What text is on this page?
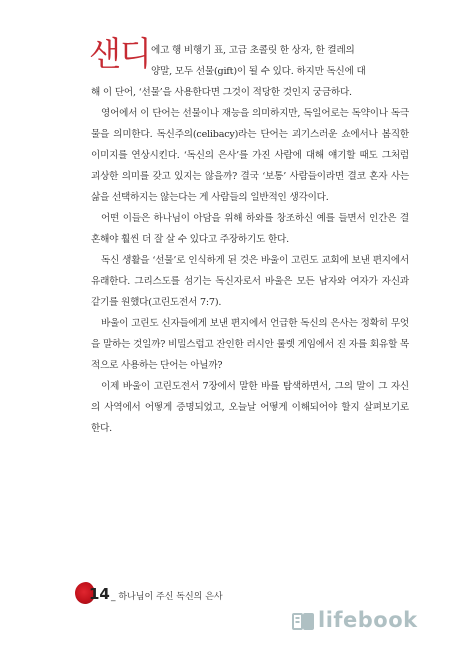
샌디 에고 행 비행기 표, 고급 초콜릿 한 상자, 한 켤레의
양말, 모두 선물(gift)이 될 수 있다. 하지만 독신에 대
해 이 단어, ‘선물’을 사용한다면 그것이 적당한 것인지 궁금하다.

영어에서 이 단어는 선물이나 재능을 의미하지만, 독일어로는 독약이나 독극물을 의미한다. 독신주의(celibacy)라는 단어는 괴기스러운 쇼에서나 봄직한 이미지를 연상시킨다. ‘독신의 은사’를 가진 사람에 대해 얘기할 때도 그처럼 괴상한 의미를 갖고 있지는 않을까? 결국 ‘보통’ 사람들이라면 결코 혼자 사는 삶을 선택하지는 않는다는 게 사람들의 일반적인 생각이다.

어떤 이들은 하나님이 아담을 위해 하와를 창조하신 예를 들면서 인간은 결혼해야 훨씬 더 잘 살 수 있다고 주장하기도 한다.

독신 생활을 ‘선물’로 인식하게 된 것은 바울이 고린도 교회에 보낸 편지에서 유래한다. 그리스도를 섬기는 독신자로서 바울은 모든 남자와 여자가 자신과 같기를 원했다(고린도전서 7:7).

바울이 고린도 신자들에게 보낸 편지에서 언급한 독신의 은사는 정확히 무엇을 말하는 것일까? 비밀스럽고 잔인한 러시안 룰렛 게임에서 진 자를 회유할 목적으로 사용하는 단어는 아닐까?

이제 바울이 고린도전서 7장에서 말한 바를 탐색하면서, 그의 말이 그 자신의 사역에서 어떻게 증명되었고, 오늘날 어떻게 이해되어야 할지 살펴보기로 한다.

14 _ 하나님이 주신 독신의 은사
lifebook
